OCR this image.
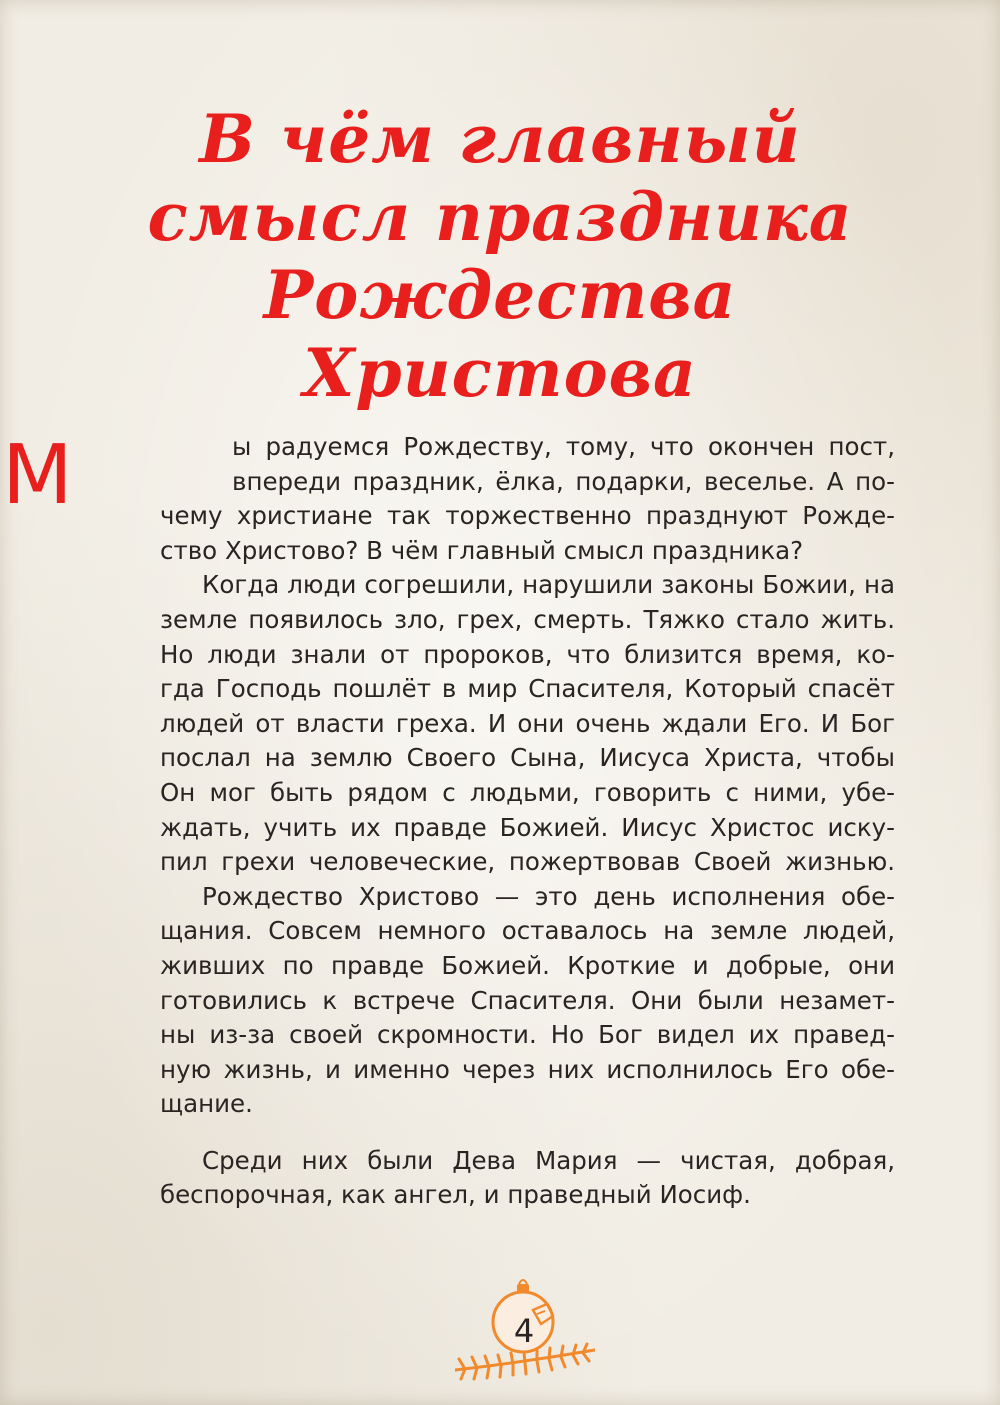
В чём главный
смысл праздника
Рождества
Христова
М	ы радуемся Рождеству, тому, что окончен пост,
впереди праздник, ёлка, подарки, веселье. А по-
чему христиане так торжественно празднуют Рожде-
ство Христово? В чём главный смысл праздника?
Когда люди согрешили, нарушили законы Божии, на
земле появилось зло, грех, смерть. Тяжко стало жить.
Но люди знали от пророков, что близится время, ко-
гда Господь пошлёт в мир Спасителя, Который спасёт
людей от власти греха. И они очень ждали Его. И Бог
послал на землю Своего Сына, Иисуса Христа, чтобы
Он мог быть рядом с людьми, говорить с ними, убе-
ждать, учить их правде Божией. Иисус Христос иску-
пил грехи человеческие, пожертвовав Своей жизнью.
Рождество Христово — это день исполнения обе-
щания. Совсем немного оставалось на земле людей,
живших по правде Божией. Кроткие и добрые, они
готовились к встрече Спасителя. Они были незамет-
ны из-за своей скромности. Но Бог видел их правед-
ную жизнь, и именно через них исполнилось Его обе-
щание.
Среди них были Дева Мария — чистая, добрая,
беспорочная, как ангел, и праведный Иосиф.
4
